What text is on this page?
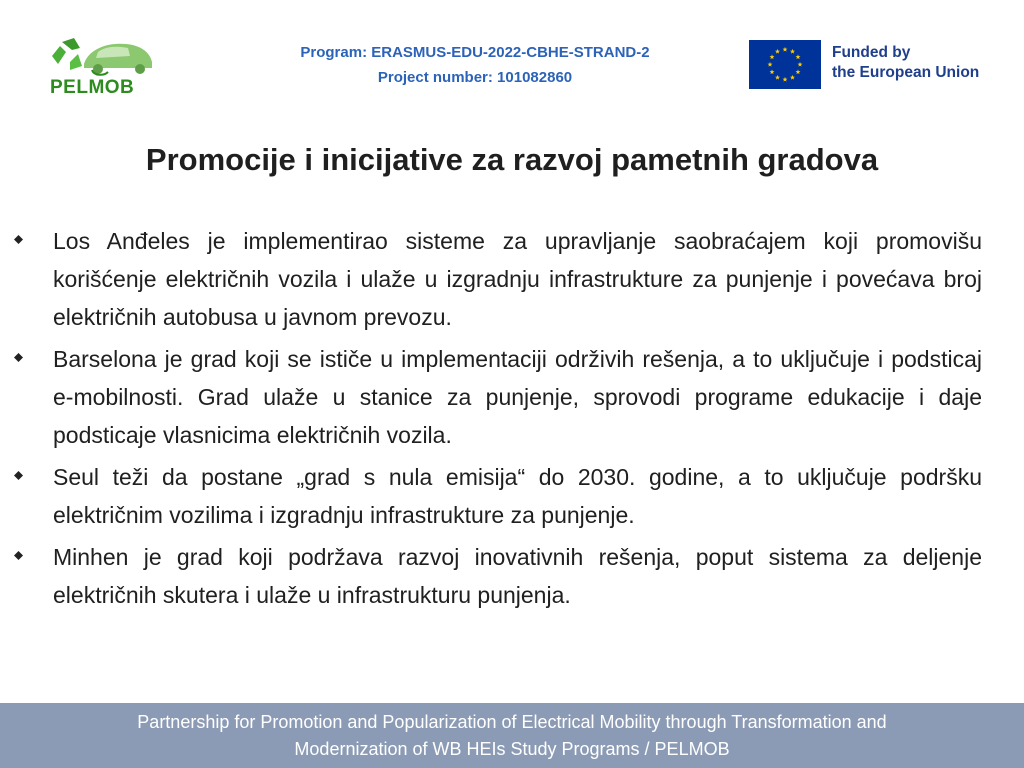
PELMOB
Program: ERASMUS-EDU-2022-CBHE-STRAND-2
Project number: 101082860
Funded by
the European Union
Promocije i inicijative za razvoj pametnih gradova
Los Anđeles je implementirao sisteme za upravljanje saobraćajem koji promovišu korišćenje električnih vozila i ulaže u izgradnju infrastrukture za punjenje i povećava broj električnih autobusa u javnom prevozu.
Barselona je grad koji se ističe u implementaciji održivih rešenja, a to uključuje i podsticaj e-mobilnosti. Grad ulaže u stanice za punjenje, sprovodi programe edukacije i daje podsticaje vlasnicima električnih vozila.
Seul teži da postane „grad s nula emisija“ do 2030. godine, a to uključuje podršku električnim vozilima i izgradnju infrastrukture za punjenje.
Minhen je grad koji podržava razvoj inovativnih rešenja, poput sistema za deljenje električnih skutera i ulaže u infrastrukturu punjenja.
Partnership for Promotion and Popularization of Electrical Mobility through Transformation and
Modernization of WB HEIs Study Programs / PELMOB
